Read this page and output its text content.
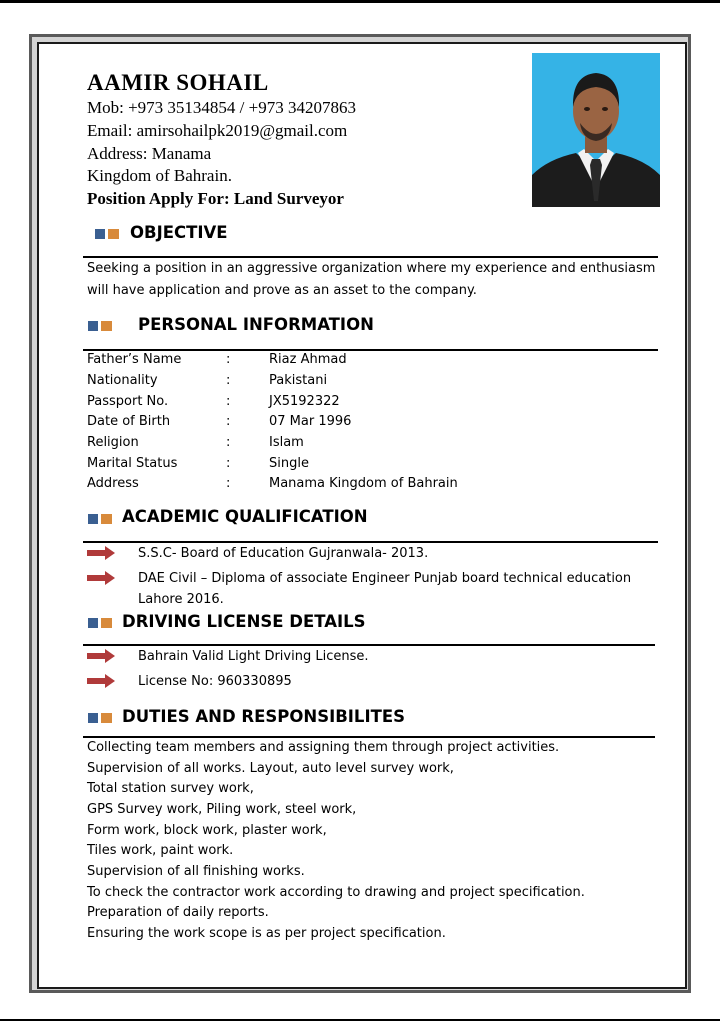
AAMIR SOHAIL
Mob: +973 35134854 / +973 34207863
Email: amirsohailpk2019@gmail.com
Address: Manama
Kingdom of Bahrain.
Position Apply For: Land Surveyor
OBJECTIVE
Seeking a position in an aggressive organization where my experience and enthusiasm
will have application and prove as an asset to the company.
PERSONAL INFORMATION
Father’s Name	:	Riaz Ahmad
Nationality	:	Pakistani
Passport No.	:	JX5192322
Date of Birth	:	07 Mar 1996
Religion	:	Islam
Marital Status	:	Single
Address	:	Manama Kingdom of Bahrain
ACADEMIC QUALIFICATION
S.S.C- Board of Education Gujranwala- 2013.
DAE Civil – Diploma of associate Engineer Punjab board technical education
Lahore 2016.
DRIVING LICENSE DETAILS
Bahrain Valid Light Driving License.
License No: 960330895
DUTIES AND RESPONSIBILITES
Collecting team members and assigning them through project activities.
Supervision of all works. Layout, auto level survey work,
Total station survey work,
GPS Survey work, Piling work, steel work,
Form work, block work, plaster work,
Tiles work, paint work.
Supervision of all finishing works.
To check the contractor work according to drawing and project specification.
Preparation of daily reports.
Ensuring the work scope is as per project specification.
